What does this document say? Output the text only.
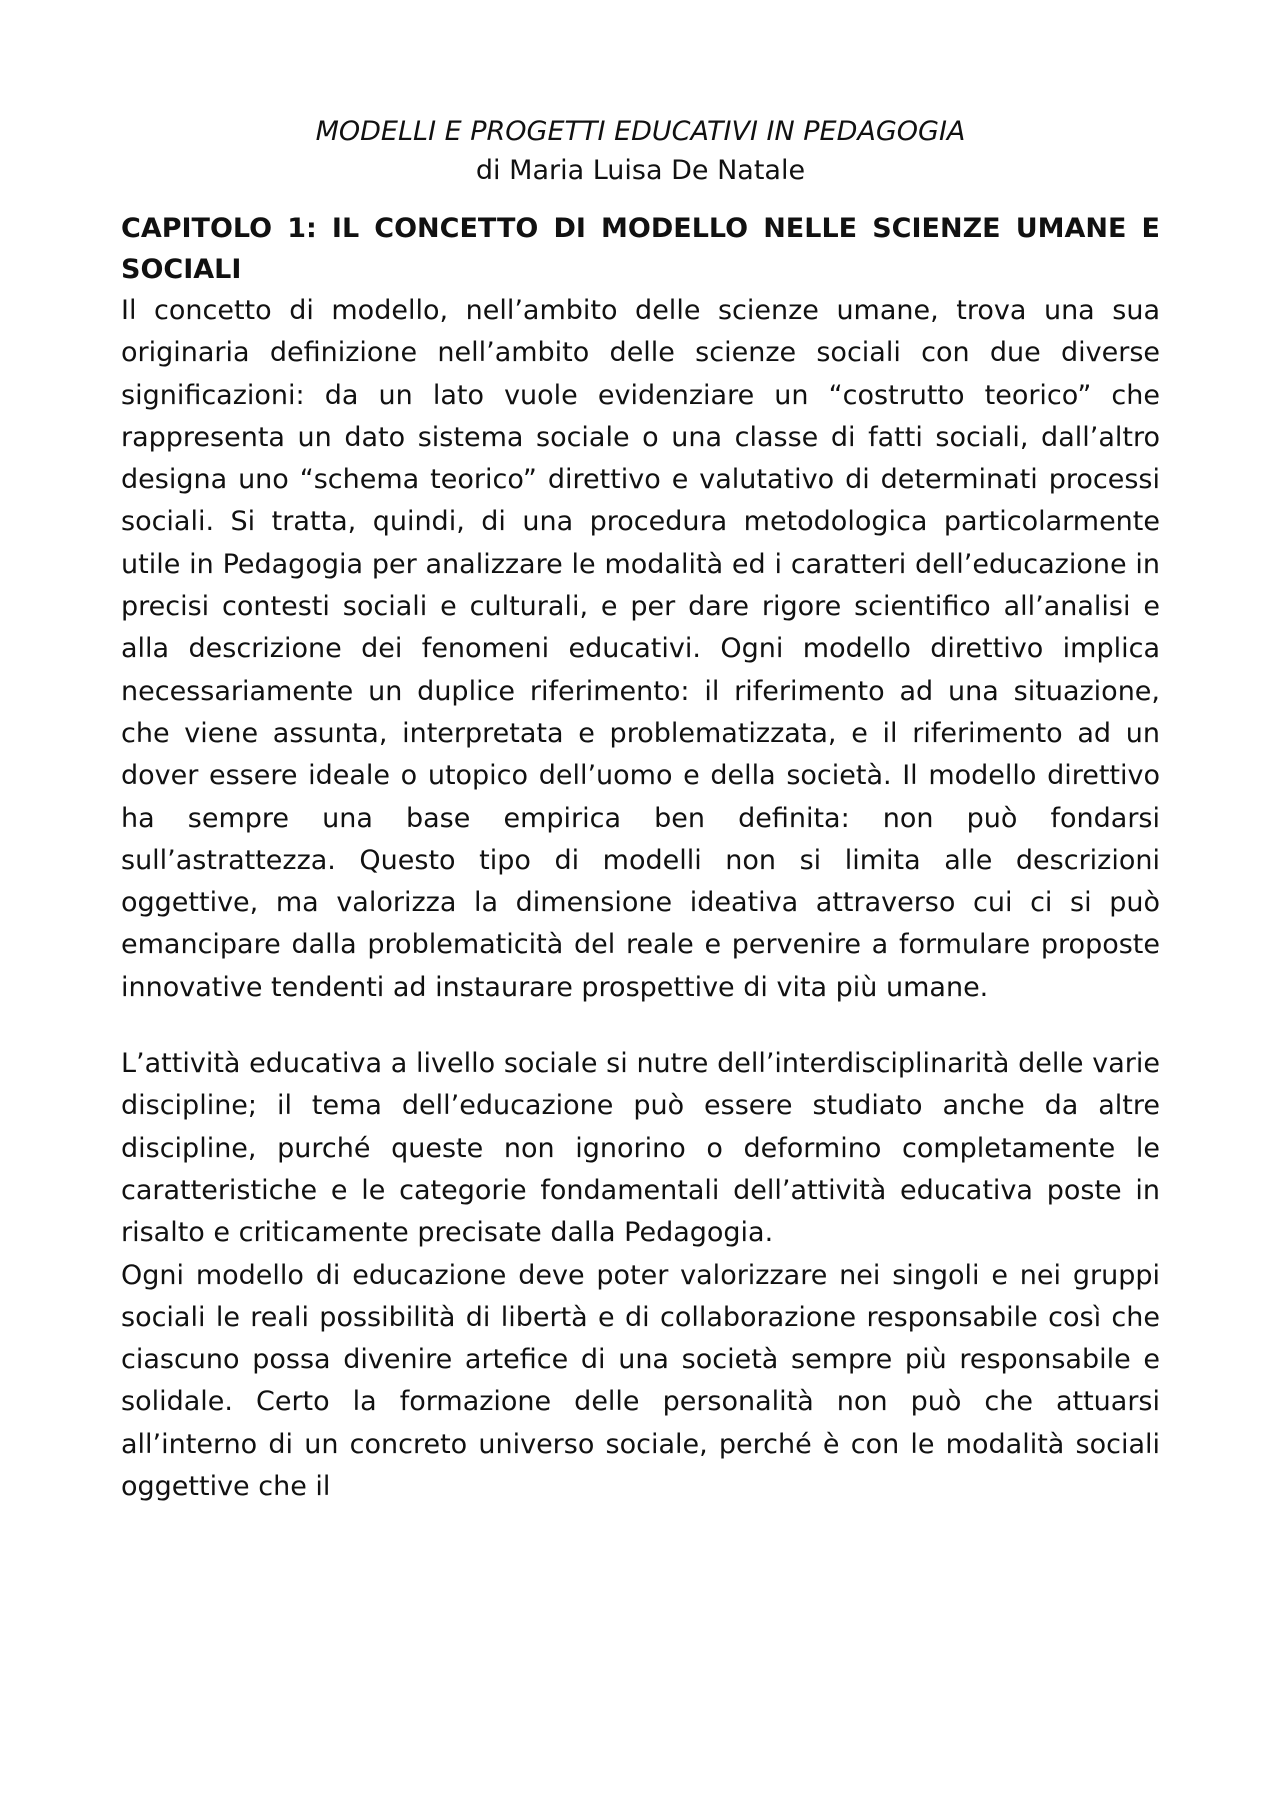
MODELLI E PROGETTI EDUCATIVI IN PEDAGOGIA

di Maria Luisa De Natale

CAPITOLO 1: IL CONCETTO DI MODELLO NELLE SCIENZE UMANE E SOCIALI

Il concetto di modello, nell’ambito delle scienze umane, trova una sua originaria definizione nell’ambito delle scienze sociali con due diverse significazioni: da un lato vuole evidenziare un “costrutto teorico” che rappresenta un dato sistema sociale o una classe di fatti sociali, dall’altro designa uno “schema teorico” direttivo e valutativo di determinati processi sociali. Si tratta, quindi, di una procedura metodologica particolarmente utile in Pedagogia per analizzare le modalità ed i caratteri dell’educazione in precisi contesti sociali e culturali, e per dare rigore scientifico all’analisi e alla descrizione dei fenomeni educativi. Ogni modello direttivo implica necessariamente un duplice riferimento: il riferimento ad una situazione, che viene assunta, interpretata e problematizzata, e il riferimento ad un dover essere ideale o utopico dell’uomo e della società. Il modello direttivo ha sempre una base empirica ben definita: non può fondarsi sull’astrattezza. Questo tipo di modelli non si limita alle descrizioni oggettive, ma valorizza la dimensione ideativa attraverso cui ci si può emancipare dalla problematicità del reale e pervenire a formulare proposte innovative tendenti ad instaurare prospettive di vita più umane.

L’attività educativa a livello sociale si nutre dell’interdisciplinarità delle varie discipline; il tema dell’educazione può essere studiato anche da altre discipline, purché queste non ignorino o deformino completamente le caratteristiche e le categorie fondamentali dell’attività educativa poste in risalto e criticamente precisate dalla Pedagogia.

Ogni modello di educazione deve poter valorizzare nei singoli e nei gruppi sociali le reali possibilità di libertà e di collaborazione responsabile così che ciascuno possa divenire artefice di una società sempre più responsabile e solidale. Certo la formazione delle personalità non può che attuarsi all’interno di un concreto universo sociale, perché è con le modalità sociali oggettive che il
